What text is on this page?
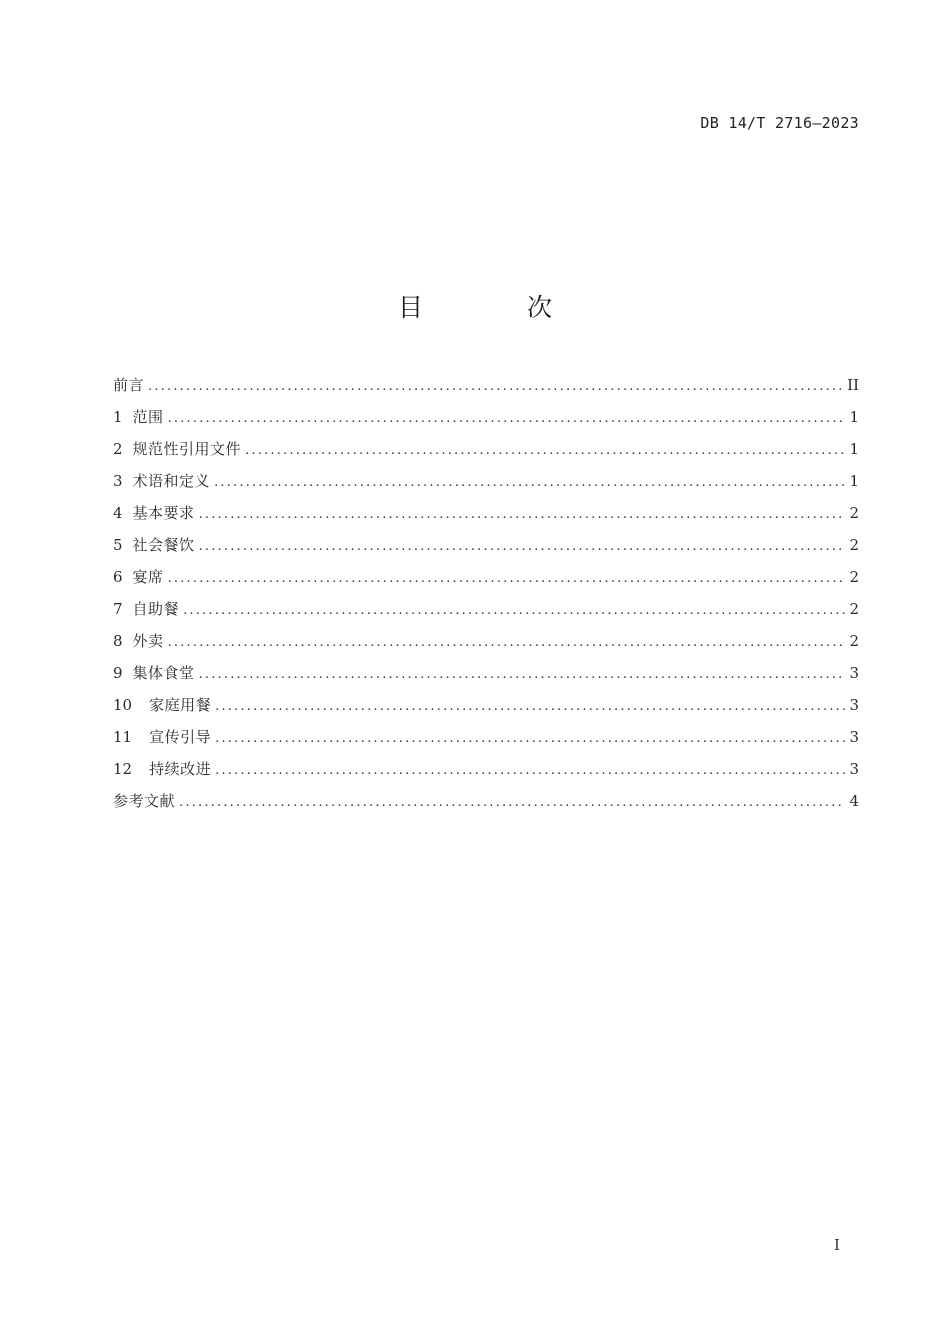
DB 14/T 2716—2023
目 次
前言 .....	II
1 范围 .....	1
2 规范性引用文件 .....	1
3 术语和定义 .....	1
4 基本要求 .....	2
5 社会餐饮 .....	2
6 宴席 .....	2
7 自助餐 .....	2
8 外卖 .....	2
9 集体食堂 .....	3
10 家庭用餐 .....	3
11 宣传引导 .....	3
12 持续改进 .....	3
参考文献 .....	4
I
